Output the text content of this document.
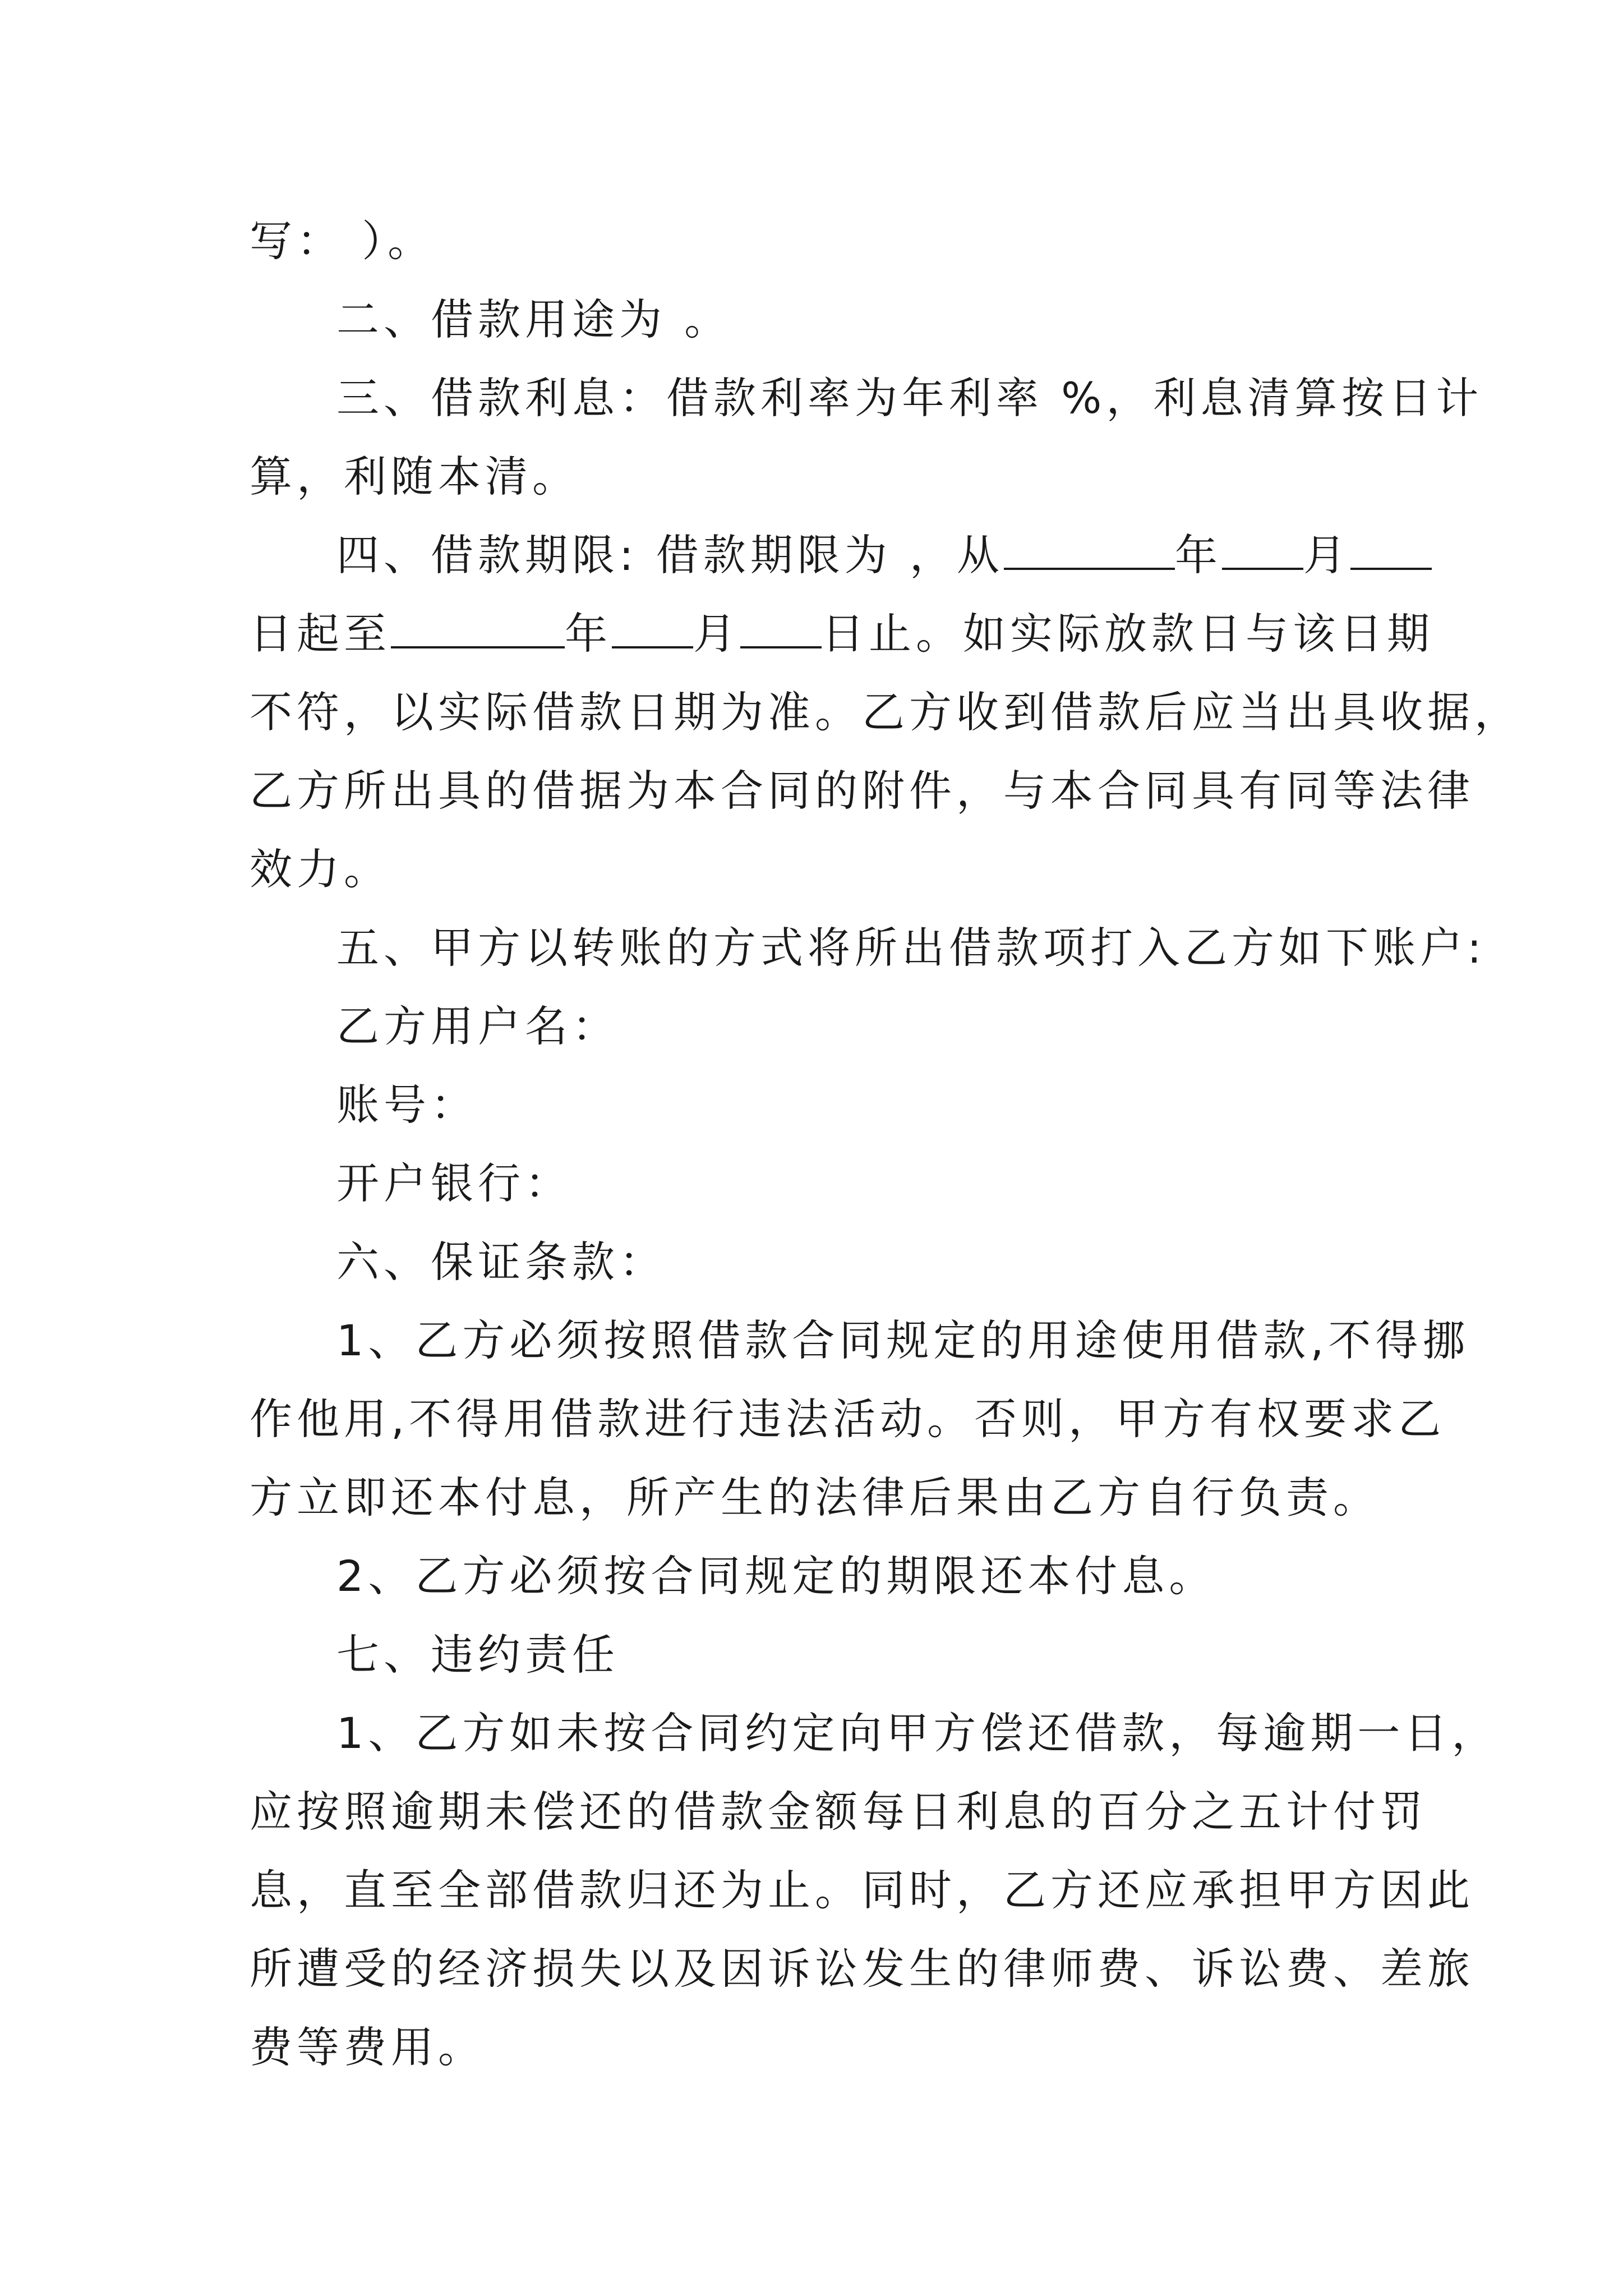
写： ）。

二、借款用途为 。

三、借款利息：借款利率为年利率 %，利息清算按日计

算，利随本清。

四、借款期限: 借款期限为 ，从	年 月
日起至	年 月 日止。如实际放款日与该日期

不符，以实际借款日期为准。乙方收到借款后应当出具收据，

乙方所出具的借据为本合同的附件，与本合同具有同等法律

效力。

五、甲方以转账的方式将所出借款项打入乙方如下账户:

乙方用户名：

账号：

开户银行：

六、保证条款：

1、乙方必须按照借款合同规定的用途使用借款,不得挪

作他用,不得用借款进行违法活动。否则，甲方有权要求乙

方立即还本付息，所产生的法律后果由乙方自行负责。

2、乙方必须按合同规定的期限还本付息。

七、违约责任

1、乙方如未按合同约定向甲方偿还借款，每逾期一日，

应按照逾期未偿还的借款金额每日利息的百分之五计付罚

息，直至全部借款归还为止。同时，乙方还应承担甲方因此

所遭受的经济损失以及因诉讼发生的律师费、诉讼费、差旅

费等费用。
